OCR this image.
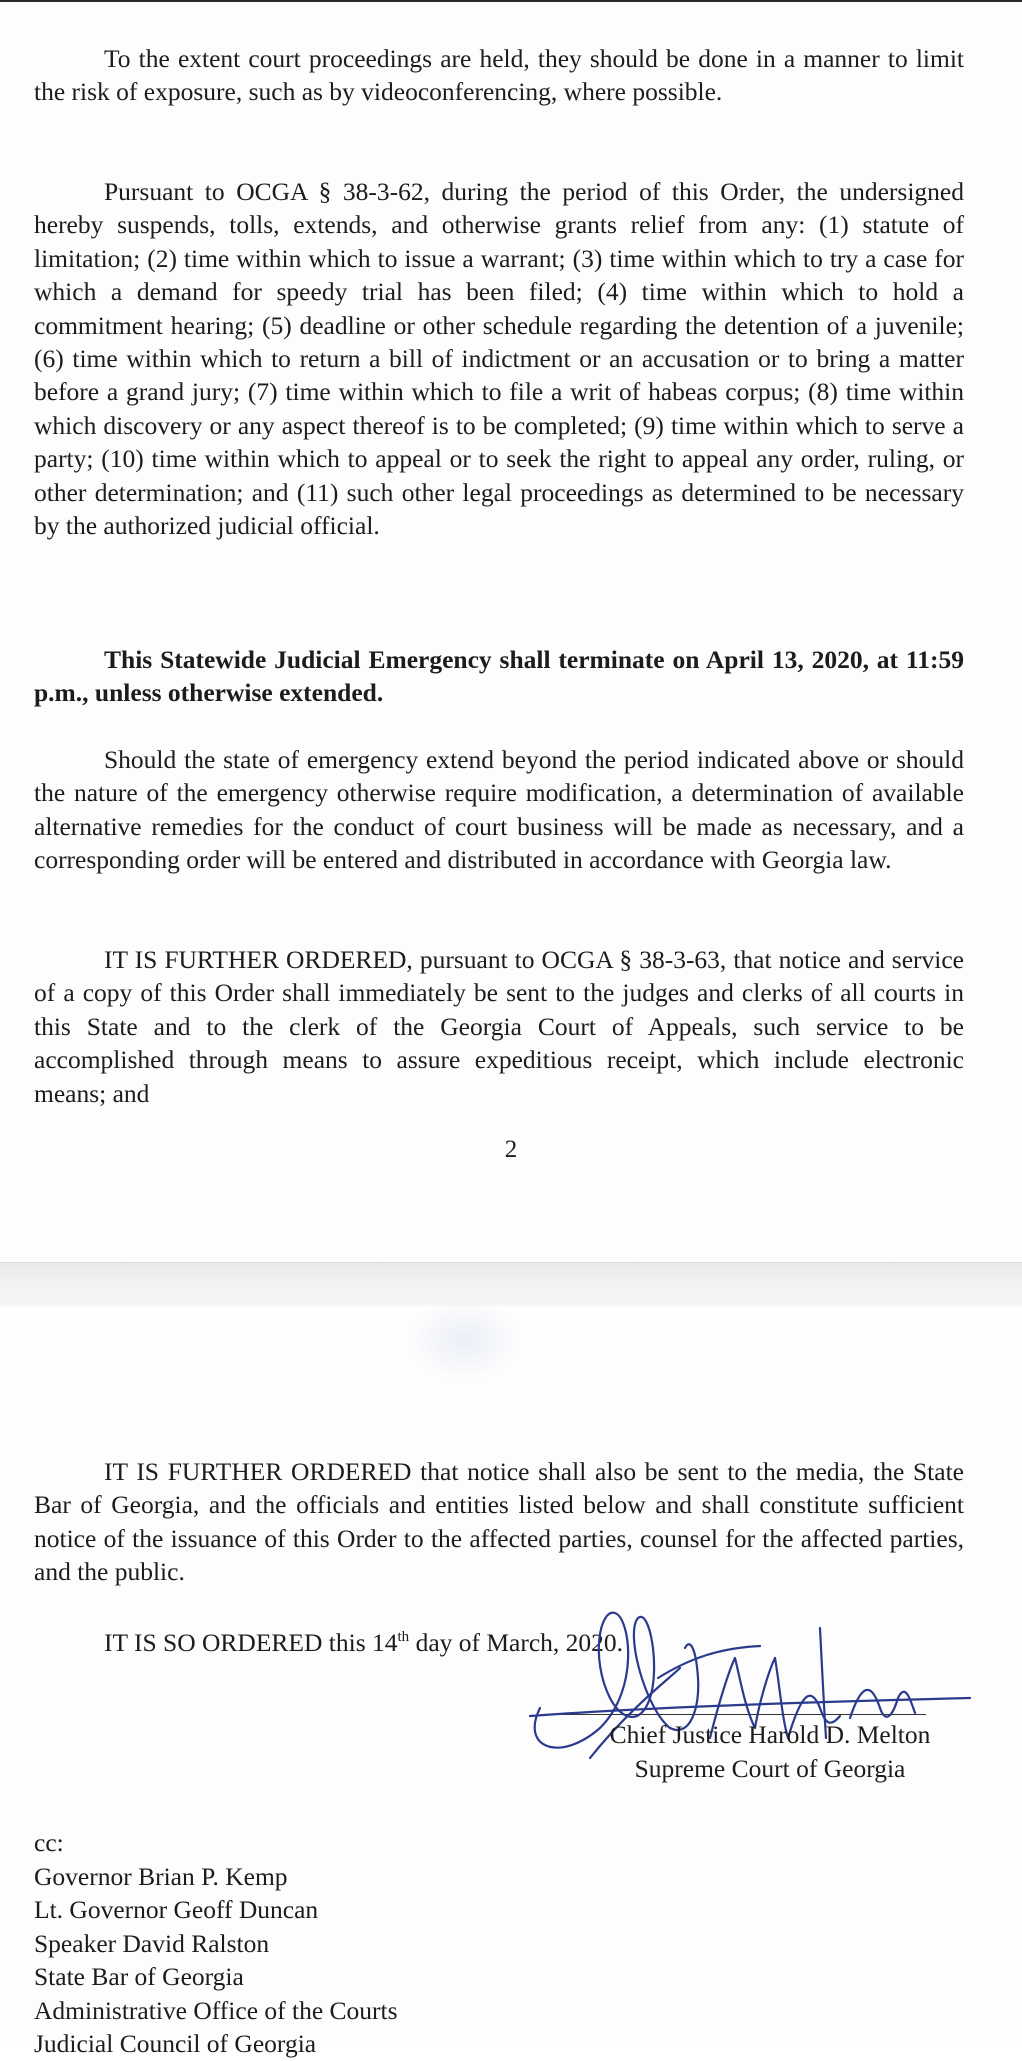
To the extent court proceedings are held, they should be done in a manner to limit the risk of exposure, such as by videoconferencing, where possible.

Pursuant to OCGA § 38-3-62, during the period of this Order, the undersigned hereby suspends, tolls, extends, and otherwise grants relief from any: (1) statute of limitation; (2) time within which to issue a warrant; (3) time within which to try a case for which a demand for speedy trial has been filed; (4) time within which to hold a commitment hearing; (5) deadline or other schedule regarding the detention of a juvenile; (6) time within which to return a bill of indictment or an accusation or to bring a matter before a grand jury; (7) time within which to file a writ of habeas corpus; (8) time within which discovery or any aspect thereof is to be completed; (9) time within which to serve a party; (10) time within which to appeal or to seek the right to appeal any order, ruling, or other determination; and (11) such other legal proceedings as determined to be necessary by the authorized judicial official.

This Statewide Judicial Emergency shall terminate on April 13, 2020, at 11:59 p.m., unless otherwise extended.

Should the state of emergency extend beyond the period indicated above or should the nature of the emergency otherwise require modification, a determination of available alternative remedies for the conduct of court business will be made as necessary, and a corresponding order will be entered and distributed in accordance with Georgia law.

IT IS FURTHER ORDERED, pursuant to OCGA § 38-3-63, that notice and service of a copy of this Order shall immediately be sent to the judges and clerks of all courts in this State and to the clerk of the Georgia Court of Appeals, such service to be accomplished through means to assure expeditious receipt, which include electronic means; and

2

IT IS FURTHER ORDERED that notice shall also be sent to the media, the State Bar of Georgia, and the officials and entities listed below and shall constitute sufficient notice of the issuance of this Order to the affected parties, counsel for the affected parties, and the public.

IT IS SO ORDERED this 14th day of March, 2020.
Chief Justice Harold D. Melton
Supreme Court of Georgia
cc:
Governor Brian P. Kemp
Lt. Governor Geoff Duncan
Speaker David Ralston
State Bar of Georgia
Administrative Office of the Courts
Judicial Council of Georgia
